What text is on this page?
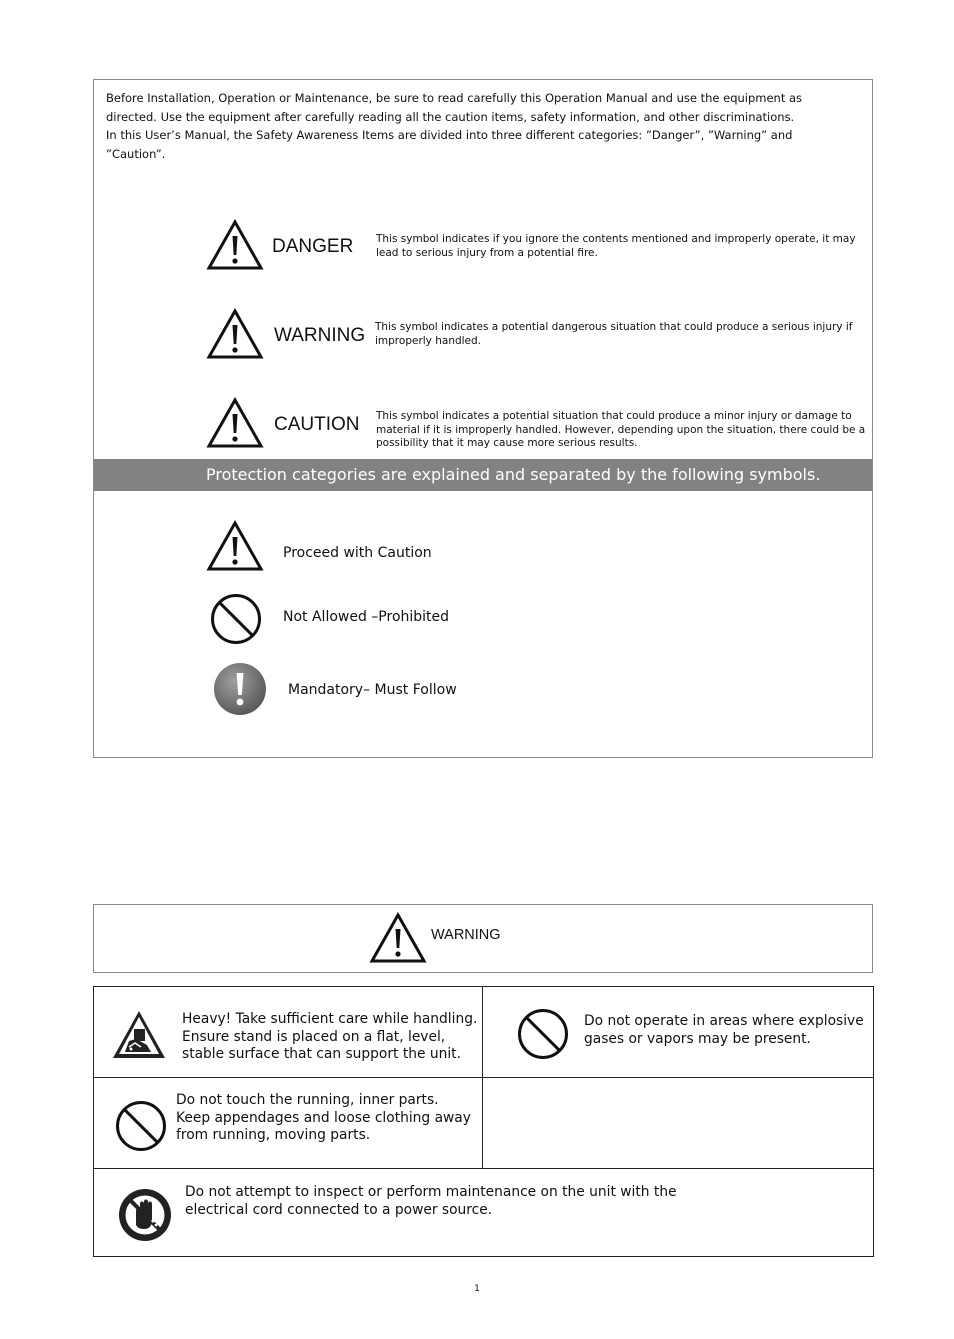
Before Installation, Operation or Maintenance, be sure to read carefully this Operation Manual and use the equipment as

directed. Use the equipment after carefully reading all the caution items, safety information, and other discriminations.

In this User’s Manual, the Safety Awareness Items are divided into three different categories: ”Danger”, ”Warning” and

”Caution”.

DANGER This symbol indicates if you ignore the contents mentioned and improperly operate, it may lead to serious injury from a potential fire.
WARNING This symbol indicates a potential dangerous situation that could produce a serious injury if improperly handled.
CAUTION This symbol indicates a potential situation that could produce a minor injury or damage to material if it is improperly handled. However, depending upon the situation, there could be a possibility that it may cause more serious results.
Protection categories are explained and separated by the following symbols.
Proceed with Caution
Not Allowed –Prohibited
Mandatory– Must Follow
WARNING
Heavy! Take sufficient care while handling.
Ensure stand is placed on a flat, level,
stable surface that can support the unit.
Do not operate in areas where explosive
gases or vapors may be present.
Do not touch the running, inner parts.
Keep appendages and loose clothing away
from running, moving parts.
Do not attempt to inspect or perform maintenance on the unit with the
electrical cord connected to a power source.
1
